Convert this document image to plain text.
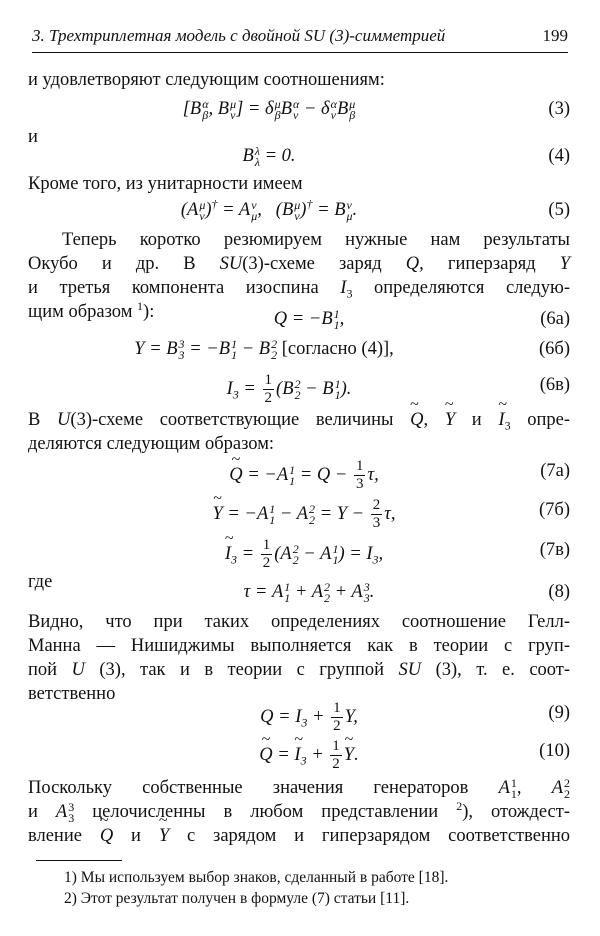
3. Трехтриплетная модель с двойной SU (3)-симметрией	199
и удовлетворяют следующим соотношениям:
[B α
β , B μ
ν ] = δ μ
β B α
ν − δ α
ν B μ
β	(3)
и
B λ
λ = 0.	(4)
Кроме того, из унитарности имеем
(A μ
ν )† = A ν
μ ,   (B μ
ν )† = B ν
μ .	(5)
Теперь коротко резюмируем нужные нам результаты
Окубо и др. В SU(3)-схеме заряд Q, гиперзаряд Y
и третья компонента изоспина $I_3$ определяются следую-
щим образом $^1$):	Q = −B 1
1 ,	(6а)
Y = B 3
3 = −B 1
1 − B 2
2 [согласно (4)],	(6б)
$I_3 = \frac{1}{2} (B$ 2
2 − B 1
1 ).	(6в)
В U(3)-схеме соответствующие величины ~ Q, ~ Y и ~ $I_3$ опре-
деляются следующим образом:
~ Q = −A 1
$1 = Q - \frac{1}{3} \tau$,	(7а)
~ Y = −A 1
1 − A 2
$2 = Y - \frac{2}{3} \tau$,	(7б)
~ $I_3 = \frac{1}{2} (A$ 2
2 − A 1
1 ) = $I_3$,	(7в)
где	τ = A 1
1 + A 2
2 + A 3
3 .	(8)
Видно, что при таких определениях соотношение Гелл-
Манна — Нишиджимы выполняется как в теории с груп-
пой U (3), так и в теории с группой SU (3), т. е. соот-
ветственно
$Q = I_3 + \frac{1}{2} Y$,	(9)
~ Q = ~ $I_3 + \frac{1}{2}$ ~ Y.	(10)
Поскольку собственные значения генераторов A 1
1 , A 2
2
и A 3
3 целочисленны в любом представлении $^2$), отождест-
вление ~ Q и ~ Y с зарядом и гиперзарядом соответственно
1) Мы используем выбор знаков, сделанный в работе [18].
2) Этот результат получен в формуле (7) статьи [11].
